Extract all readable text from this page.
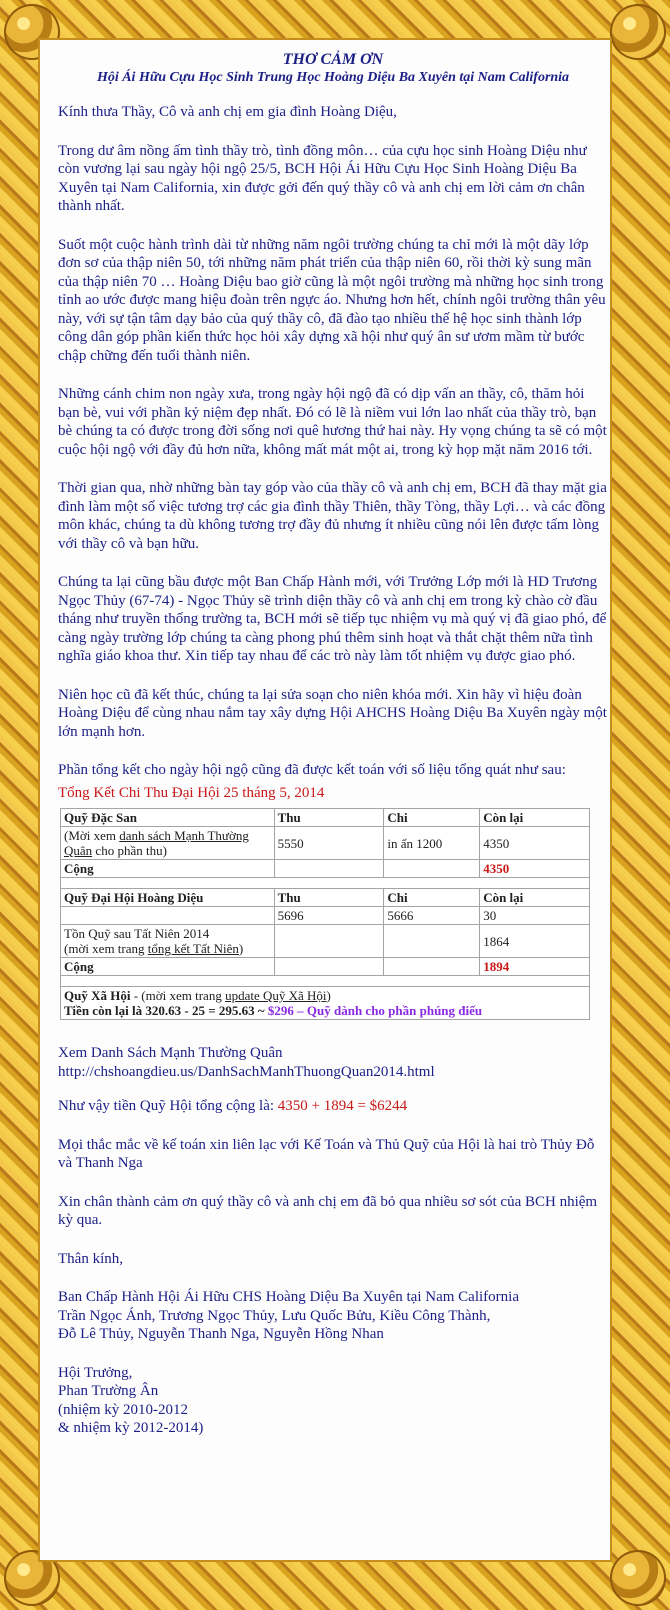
THƠ CẢM ƠN
Hội Ái Hữu Cựu Học Sinh Trung Học Hoàng Diệu Ba Xuyên tại Nam California

Kính thưa Thầy, Cô và anh chị em gia đình Hoàng Diệu,

Trong dư âm nồng ấm tình thầy trò, tình đồng môn… của cựu học sinh Hoàng Diệu như còn vương lại sau ngày hội ngộ 25/5, BCH Hội Ái Hữu Cựu Học Sinh Hoàng Diệu Ba Xuyên tại Nam California, xin được gởi đến quý thầy cô và anh chị em lời cảm ơn chân thành nhất.

Suốt một cuộc hành trình dài từ những năm ngôi trường chúng ta chỉ mới là một dãy lớp đơn sơ của thập niên 50, tới những năm phát triển của thập niên 60, rồi thời kỳ sung mãn của thập niên 70 … Hoàng Diệu bao giờ cũng là một ngôi trường mà những học sinh trong tỉnh ao ước được mang hiệu đoàn trên ngực áo. Nhưng hơn hết, chính ngôi trường thân yêu này, với sự tận tâm dạy bảo của quý thầy cô, đã đào tạo nhiều thế hệ học sinh thành lớp công dân góp phần kiến thức học hỏi xây dựng xã hội như quý ân sư ươm mầm từ bước chập chững đến tuổi thành niên.

Những cánh chim non ngày xưa, trong ngày hội ngộ đã có dịp vấn an thầy, cô, thăm hỏi bạn bè, vui với phần kỷ niệm đẹp nhất. Đó có lẽ là niềm vui lớn lao nhất của thầy trò, bạn bè chúng ta có được trong đời sống nơi quê hương thứ hai này. Hy vọng chúng ta sẽ có một cuộc hội ngộ với đầy đủ hơn nữa, không mất mát một ai, trong kỳ họp mặt năm 2016 tới.

Thời gian qua, nhờ những bàn tay góp vào của thầy cô và anh chị em, BCH đã thay mặt gia đình làm một số việc tương trợ các gia đình thầy Thiên, thầy Tòng, thầy Lợi… và các đồng môn khác, chúng ta dù không tương trợ đầy đủ nhưng ít nhiều cũng nói lên được tấm lòng với thầy cô và bạn hữu.

Chúng ta lại cũng bầu được một Ban Chấp Hành mới, với Trưởng Lớp mới là HD Trương Ngọc Thủy (67-74) - Ngọc Thủy sẽ trình diện thầy cô và anh chị em trong kỳ chào cờ đầu tháng như truyền thống trường ta, BCH mới sẽ tiếp tục nhiệm vụ mà quý vị đã giao phó, để càng ngày trường lớp chúng ta càng phong phú thêm sinh hoạt và thắt chặt thêm nữa tình nghĩa giáo khoa thư. Xin tiếp tay nhau để các trò này làm tốt nhiệm vụ được giao phó.

Niên học cũ đã kết thúc, chúng ta lại sửa soạn cho niên khóa mới. Xin hãy vì hiệu đoàn Hoàng Diệu để cùng nhau nắm tay xây dựng Hội AHCHS Hoàng Diệu Ba Xuyên ngày một lớn mạnh hơn.

Phần tổng kết cho ngày hội ngộ cũng đã được kết toán với số liệu tổng quát như sau:

Tổng Kết Chi Thu Đại Hội 25 tháng 5, 2014
Quỹ Đặc San	Thu	Chi	Còn lại
(Mời xem danh sách Mạnh Thường Quân cho phần thu)	5550	in ấn 1200	4350
Cộng			4350

Quỹ Đại Hội Hoàng Diệu	Thu	Chi	Còn lại
	5696	5666	30
Tồn Quỹ sau Tất Niên 2014
(mời xem trang tổng kết Tất Niên)			1864
Cộng			1894

Quỹ Xã Hội - (mời xem trang update Quỹ Xã Hội)
Tiền còn lại là 320.63 - 25 = 295.63 ~ $296 – Quỹ dành cho phần phúng điếu			
Xem Danh Sách Mạnh Thường Quân
http://chshoangdieu.us/DanhSachManhThuongQuan2014.html

Như vậy tiền Quỹ Hội tổng cộng là: 4350 + 1894 = $6244

Mọi thắc mắc về kế toán xin liên lạc với Kế Toán và Thủ Quỹ của Hội là hai trò Thủy Đỗ và Thanh Nga

Xin chân thành cảm ơn quý thầy cô và anh chị em đã bỏ qua nhiều sơ sót của BCH nhiệm kỳ qua.

Thân kính,

Ban Chấp Hành Hội Ái Hữu CHS Hoàng Diệu Ba Xuyên tại Nam California
Trần Ngọc Ánh, Trương Ngọc Thủy, Lưu Quốc Bửu, Kiều Công Thành,
Đỗ Lê Thủy, Nguyễn Thanh Nga, Nguyễn Hồng Nhan

Hội Trưởng,
Phan Trường Ân
(nhiệm kỳ 2010-2012
& nhiệm kỳ 2012-2014)
